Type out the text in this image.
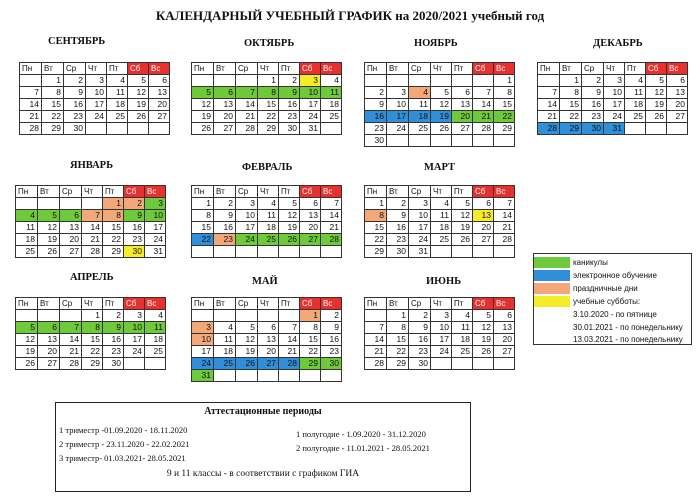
КАЛЕНДАРНЫЙ УЧЕБНЫЙ ГРАФИК на 2020/2021 учебный год
СЕНТЯБРЬ
Пн	Вт	Ср	Чт	Пт	Сб	Вс
	1	2	3	4	5	6
7	8	9	10	11	12	13
14	15	16	17	18	19	20
21	22	23	24	25	26	27
28	29	30				
ОКТЯБРЬ
Пн	Вт	Ср	Чт	Пт	Сб	Вс
			1	2	3	4
5	6	7	8	9	10	11
12	13	14	15	16	17	18
19	20	21	22	23	24	25
26	27	28	29	30	31	
НОЯБРЬ
Пн	Вт	Ср	Чт	Пт	Сб	Вс
						1
2	3	4	5	6	7	8
9	10	11	12	13	14	15
16	17	18	19	20	21	22
23	24	25	26	27	28	29
30						
ДЕКАБРЬ
Пн	Вт	Ср	Чт	Пт	Сб	Вс
	1	2	3	4	5	6
7	8	9	10	11	12	13
14	15	16	17	18	19	20
21	22	23	24	25	26	27
28	29	30	31			
ЯНВАРЬ
Пн	Вт	Ср	Чт	Пт	Сб	Вс
				1	2	3
4	5	6	7	8	9	10
11	12	13	14	15	16	17
18	19	20	21	22	23	24
25	26	27	28	29	30	31
ФЕВРАЛЬ
Пн	Вт	Ср	Чт	Пт	Сб	Вс
1	2	3	4	5	6	7
8	9	10	11	12	13	14
15	16	17	18	19	20	21
22	23	24	25	26	27	28

МАРТ
Пн	Вт	Ср	Чт	Пт	Сб	Вс
1	2	3	4	5	6	7
8	9	10	11	12	13	14
15	16	17	18	19	20	21
22	23	24	25	26	27	28
29	30	31				
АПРЕЛЬ
Пн	Вт	Ср	Чт	Пт	Сб	Вс
			1	2	3	4
5	6	7	8	9	10	11
12	13	14	15	16	17	18
19	20	21	22	23	24	25
26	27	28	29	30		
МАЙ
Пн	Вт	Ср	Чт	Пт	Сб	Вс
					1	2
3	4	5	6	7	8	9
10	11	12	13	14	15	16
17	18	19	20	21	22	23
24	25	26	27	28	29	30
31						
ИЮНЬ
Пн	Вт	Ср	Чт	Пт	Сб	Вс
	1	2	3	4	5	6
7	8	9	10	11	12	13
14	15	16	17	18	19	20
21	22	23	24	25	26	27
28	29	30				
каникулы
электронное обучение
праздничные дни
учебные субботы:
3.10.2020 - по пятнице
30.01.2021 - по понедельнику
13.03.2021 - по понедельнику
Аттестационные периоды
1 триместр -01.09.2020 - 18.11.2020
2 триместр - 23.11.2020 - 22.02.2021
3 триместр- 01.03.2021- 28.05.2021
1 полугодие - 1.09.2020 - 31.12.2020
2 полугодие - 11.01.2021 - 28.05.2021
9 и 11 классы - в соответствии с графиком ГИА
